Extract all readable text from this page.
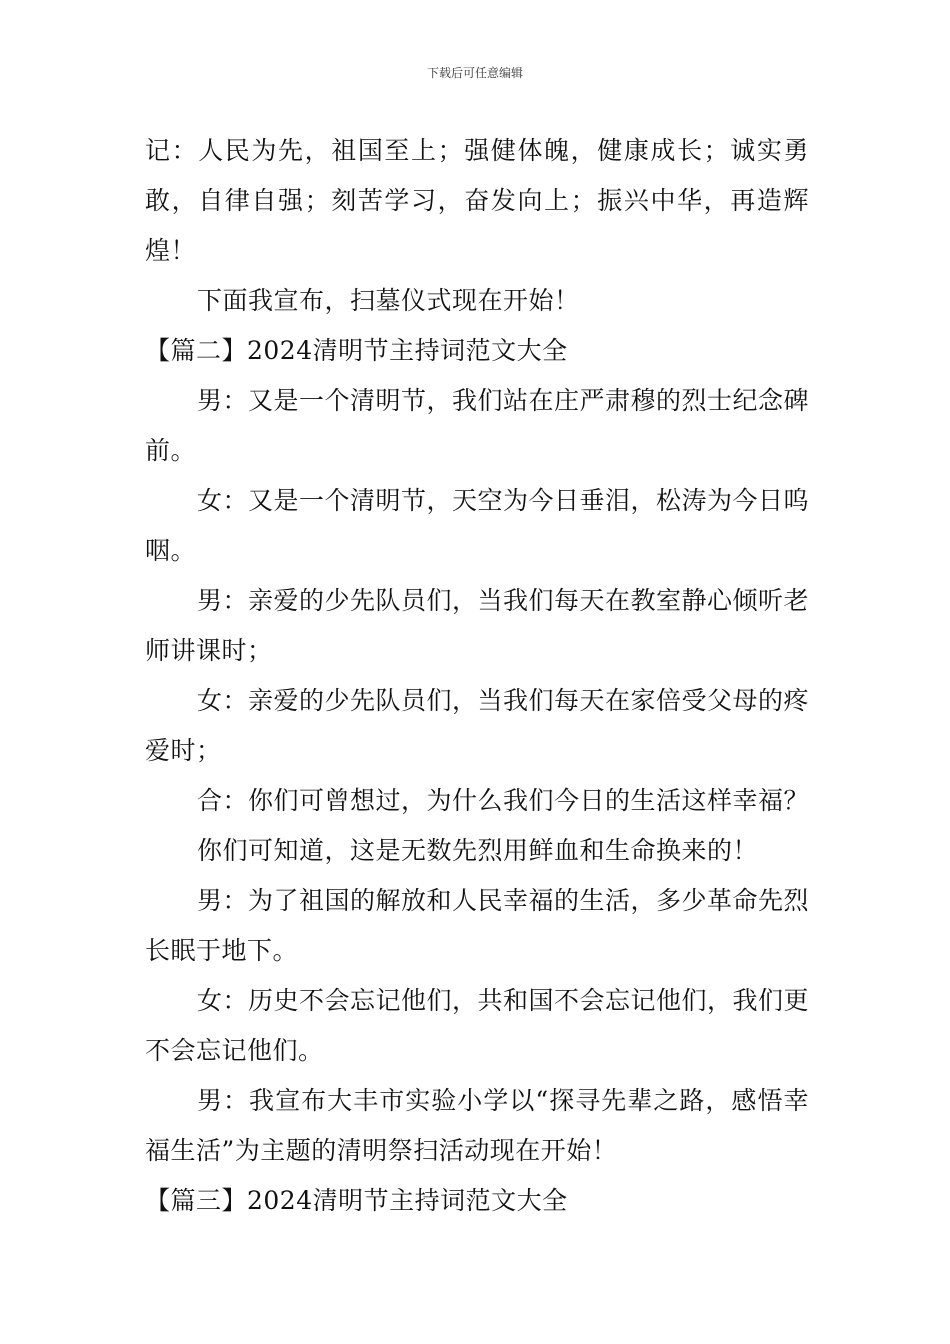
下载后可任意编辑

记：人民为先，祖国至上；强健体魄，健康成长；诚实勇敢，自律自强；刻苦学习，奋发向上；振兴中华，再造辉煌！

下面我宣布，扫墓仪式现在开始！

【篇二】2024清明节主持词范文大全

男：又是一个清明节，我们站在庄严肃穆的烈士纪念碑前。

女：又是一个清明节，天空为今日垂泪，松涛为今日呜咽。

男：亲爱的少先队员们，当我们每天在教室静心倾听老师讲课时；

女：亲爱的少先队员们，当我们每天在家倍受父母的疼爱时；

合：你们可曾想过，为什么我们今日的生活这样幸福？

你们可知道，这是无数先烈用鲜血和生命换来的！

男：为了祖国的解放和人民幸福的生活，多少革命先烈长眠于地下。

女：历史不会忘记他们，共和国不会忘记他们，我们更不会忘记他们。

男：我宣布大丰市实验小学以“探寻先辈之路，感悟幸福生活”为主题的清明祭扫活动现在开始！

【篇三】2024清明节主持词范文大全
